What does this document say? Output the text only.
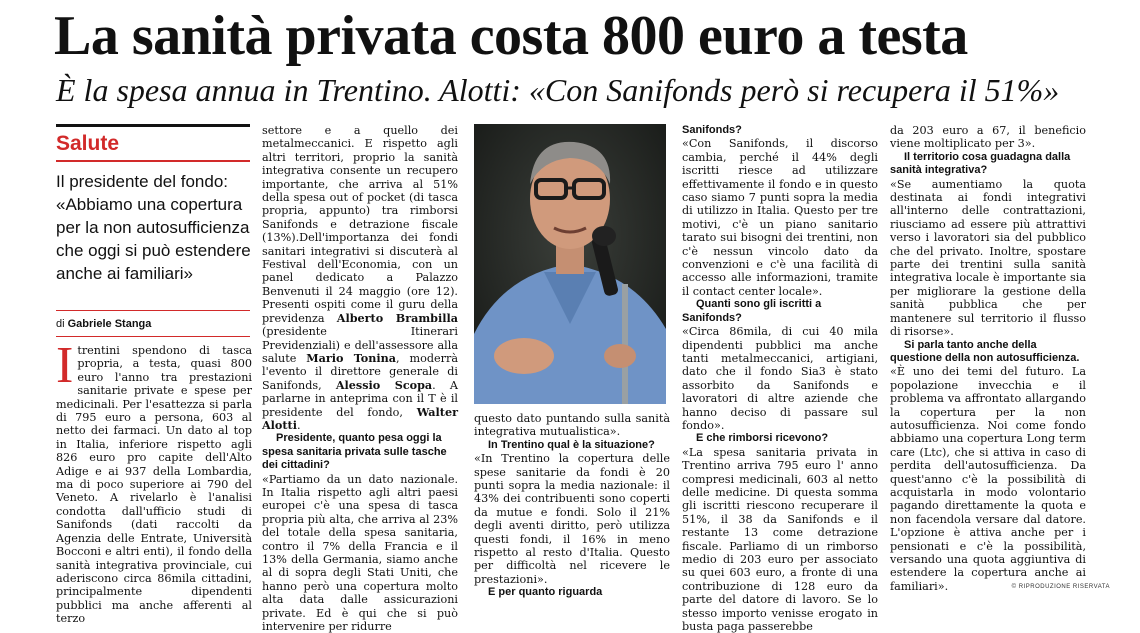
La sanità privata costa 800 euro a testa
È la spesa annua in Trentino. Alotti: «Con Sanifonds però si recupera il 51%»
Salute
Il presidente del fondo: «Abbiamo una copertura per la non autosufficienza che oggi si può estendere anche ai familiari»
di Gabriele Stanga
I trentini spendono di tasca propria, a testa, quasi 800 euro l'anno tra prestazioni sanitarie private e spese per medicinali. Per l'esattezza si parla di 795 euro a persona, 603 al netto dei farmaci. Un dato al top in Italia, inferiore rispetto agli 826 euro pro capite dell'Alto Adige e ai 937 della Lombardia, ma di poco superiore ai 790 del Veneto. A rivelarlo è l'analisi condotta dall'ufficio studi di Sanifonds (dati raccolti da Agenzia delle Entrate, Università Bocconi e altri enti), il fondo della sanità integrativa provinciale, cui aderiscono circa 86mila cittadini, principalmente dipendenti pubblici ma anche afferenti al terzo

settore e a quello dei metalmeccanici. E rispetto agli altri territori, proprio la sanità integrativa consente un recupero importante, che arriva al 51% della spesa out of pocket (di tasca propria, appunto) tra rimborsi Sanifonds e detrazione fiscale (13%).Dell'importanza dei fondi sanitari integrativi si discuterà al Festival dell'Economia, con un panel dedicato a Palazzo Benvenuti il 24 maggio (ore 12). Presenti ospiti come il guru della previdenza Alberto Brambilla (presidente Itinerari Previdenziali) e dell'assessore alla salute Mario Tonina, moderrà l'evento il direttore generale di Sanifonds, Alessio Scopa. A parlarne in anteprima con il T è il presidente del fondo, Walter Alotti.

Presidente, quanto pesa oggi la spesa sanitaria privata sulle tasche dei cittadini?

«Partiamo da un dato nazionale. In Italia rispetto agli altri paesi europei c'è una spesa di tasca propria più alta, che arriva al 23% del totale della spesa sanitaria, contro il 7% della Francia e il 13% della Germania, siamo anche al di sopra degli Stati Uniti, che hanno però una copertura molto alta data dalle assicurazioni private. Ed è qui che si può intervenire per ridurre

questo dato puntando sulla sanità integrativa mutualistica».

In Trentino qual è la situazione?

«In Trentino la copertura delle spese sanitarie da fondi è 20 punti sopra la media nazionale: il 43% dei contribuenti sono coperti da mutue e fondi. Solo il 21% degli aventi diritto, però utilizza questi fondi, il 16% in meno rispetto al resto d'Italia. Questo per difficoltà nel ricevere le prestazioni».

E per quanto riguarda

Sanifonds?

«Con Sanifonds, il discorso cambia, perché il 44% degli iscritti riesce ad utilizzare effettivamente il fondo e in questo caso siamo 7 punti sopra la media di utilizzo in Italia. Questo per tre motivi, c'è un piano sanitario tarato sui bisogni dei trentini, non c'è nessun vincolo dato da convenzioni e c'è una facilità di accesso alle informazioni, tramite il contact center locale».

Quanti sono gli iscritti a Sanifonds?

«Circa 86mila, di cui 40 mila dipendenti pubblici ma anche tanti metalmeccanici, artigiani, dato che il fondo Sia3 è stato assorbito da Sanifonds e lavoratori di altre aziende che hanno deciso di passare sul fondo».

E che rimborsi ricevono?

«La spesa sanitaria privata in Trentino arriva 795 euro l' anno compresi medicinali, 603 al netto delle medicine. Di questa somma gli iscritti riescono recuperare il 51%, il 38 da Sanifonds e il restante 13 come detrazione fiscale. Parliamo di un rimborso medio di 203 euro per associato su quei 603 euro, a fronte di una contribuzione di 128 euro da parte del datore di lavoro. Se lo stesso importo venisse erogato in busta paga passerebbe

da 203 euro a 67, il beneficio viene moltiplicato per 3».

Il territorio cosa guadagna dalla sanità integrativa?

«Se aumentiamo la quota destinata ai fondi integrativi all'interno delle contrattazioni, riusciamo ad essere più attrattivi verso i lavoratori sia del pubblico che del privato. Inoltre, spostare parte dei trentini sulla sanità integrativa locale è importante sia per migliorare la gestione della sanità pubblica che per mantenere sul territorio il flusso di risorse».

Si parla tanto anche della questione della non autosufficienza.

«È uno dei temi del futuro. La popolazione invecchia e il problema va affrontato allargando la copertura per la non autosufficienza. Noi come fondo abbiamo una copertura Long term care (Ltc), che si attiva in caso di perdita dell'autosufficienza. Da quest'anno c'è la possibilità di acquistarla in modo volontario pagando direttamente la quota e non facendola versare dal datore. L'opzione è attiva anche per i pensionati e c'è la possibilità, versando una quota aggiuntiva di estendere la copertura anche ai familiari».	© RIPRODUZIONE RISERVATA
